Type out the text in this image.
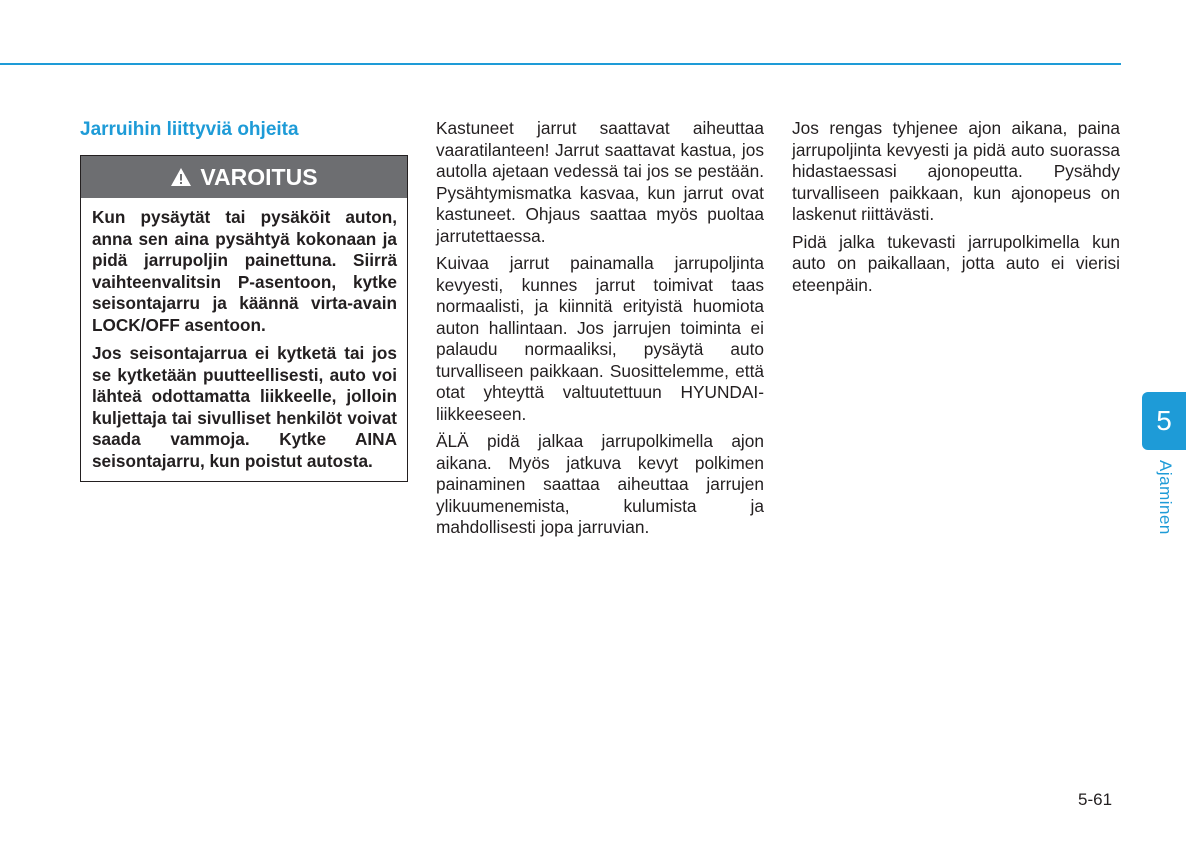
Jarruihin liittyviä ohjeita
VAROITUS

Kun pysäytät tai pysäköit auton, anna sen aina pysähtyä kokonaan ja pidä jarrupoljin painettuna. Siirrä vaihteenvalitsin P-asentoon, kytke seisontajarru ja käännä virta-avain LOCK/OFF asentoon.

Jos seisontajarrua ei kytketä tai jos se kytketään puutteellisesti, auto voi lähteä odottamatta liikkeelle, jolloin kuljettaja tai sivulliset henkilöt voivat saada vammoja. Kytke AINA seisontajarru, kun poistut autosta.

Kastuneet jarrut saattavat aiheuttaa vaaratilanteen! Jarrut saattavat kastua, jos autolla ajetaan vedessä tai jos se pestään. Pysähtymismatka kasvaa, kun jarrut ovat kastuneet. Ohjaus saattaa myös puoltaa jarrutettaessa.

Kuivaa jarrut painamalla jarrupoljinta kevyesti, kunnes jarrut toimivat taas normaalisti, ja kiinnitä erityistä huomiota auton hallintaan. Jos jarrujen toiminta ei palaudu normaaliksi, pysäytä auto turvalliseen paikkaan. Suosittelemme, että otat yhteyttä valtuutettuun HYUNDAI-liikkeeseen.

ÄLÄ pidä jalkaa jarrupolkimella ajon aikana. Myös jatkuva kevyt polkimen painaminen saattaa aiheuttaa jarrujen ylikuumenemista, kulumista ja mahdollisesti jopa jarruvian.

Jos rengas tyhjenee ajon aikana, paina jarrupoljinta kevyesti ja pidä auto suorassa hidastaessasi ajonopeutta. Pysähdy turvalliseen paikkaan, kun ajonopeus on laskenut riittävästi.

Pidä jalka tukevasti jarrupolkimella kun auto on paikallaan, jotta auto ei vierisi eteenpäin.

5
Ajaminen
5-61
